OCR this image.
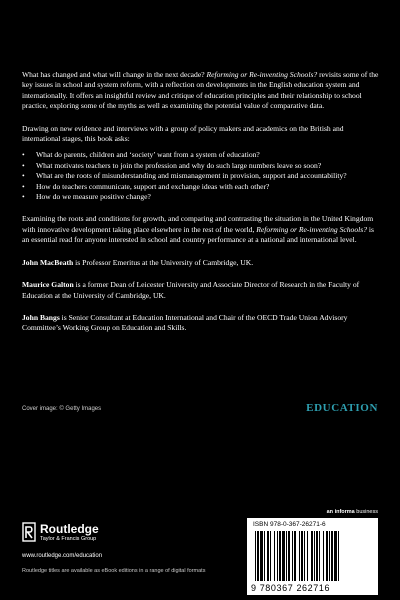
What has changed and what will change in the next decade? Reforming or Re-inventing Schools? revisits some of the key issues in school and system reform, with a reflection on developments in the English education system and internationally. It offers an insightful review and critique of education principles and their relationship to school practice, exploring some of the myths as well as examining the potential value of comparative data.

Drawing on new evidence and interviews with a group of policy makers and academics on the British and international stages, this book asks:

• What do parents, children and ‘society’ want from a system of education?
• What motivates teachers to join the profession and why do such large numbers leave so soon?
• What are the roots of misunderstanding and mismanagement in provision, support and accountability?
• How do teachers communicate, support and exchange ideas with each other?
• How do we measure positive change?

Examining the roots and conditions for growth, and comparing and contrasting the situation in the United Kingdom with innovative development taking place elsewhere in the rest of the world, Reforming or Re-inventing Schools? is an essential read for anyone interested in school and country performance at a national and international level.

John MacBeath is Professor Emeritus at the University of Cambridge, UK.

Maurice Galton is a former Dean of Leicester University and Associate Director of Research in the Faculty of Education at the University of Cambridge, UK.

John Bangs is Senior Consultant at Education International and Chair of the OECD Trade Union Advisory Committee’s Working Group on Education and Skills.

Cover image: © Getty Images	EDUCATION
Routledge
Taylor & Francis Group
www.routledge.com/education
Routledge titles are available as eBook editions in a range of digital formats
an informa business
ISBN 978-0-367-26271-6
9 780367 262716
